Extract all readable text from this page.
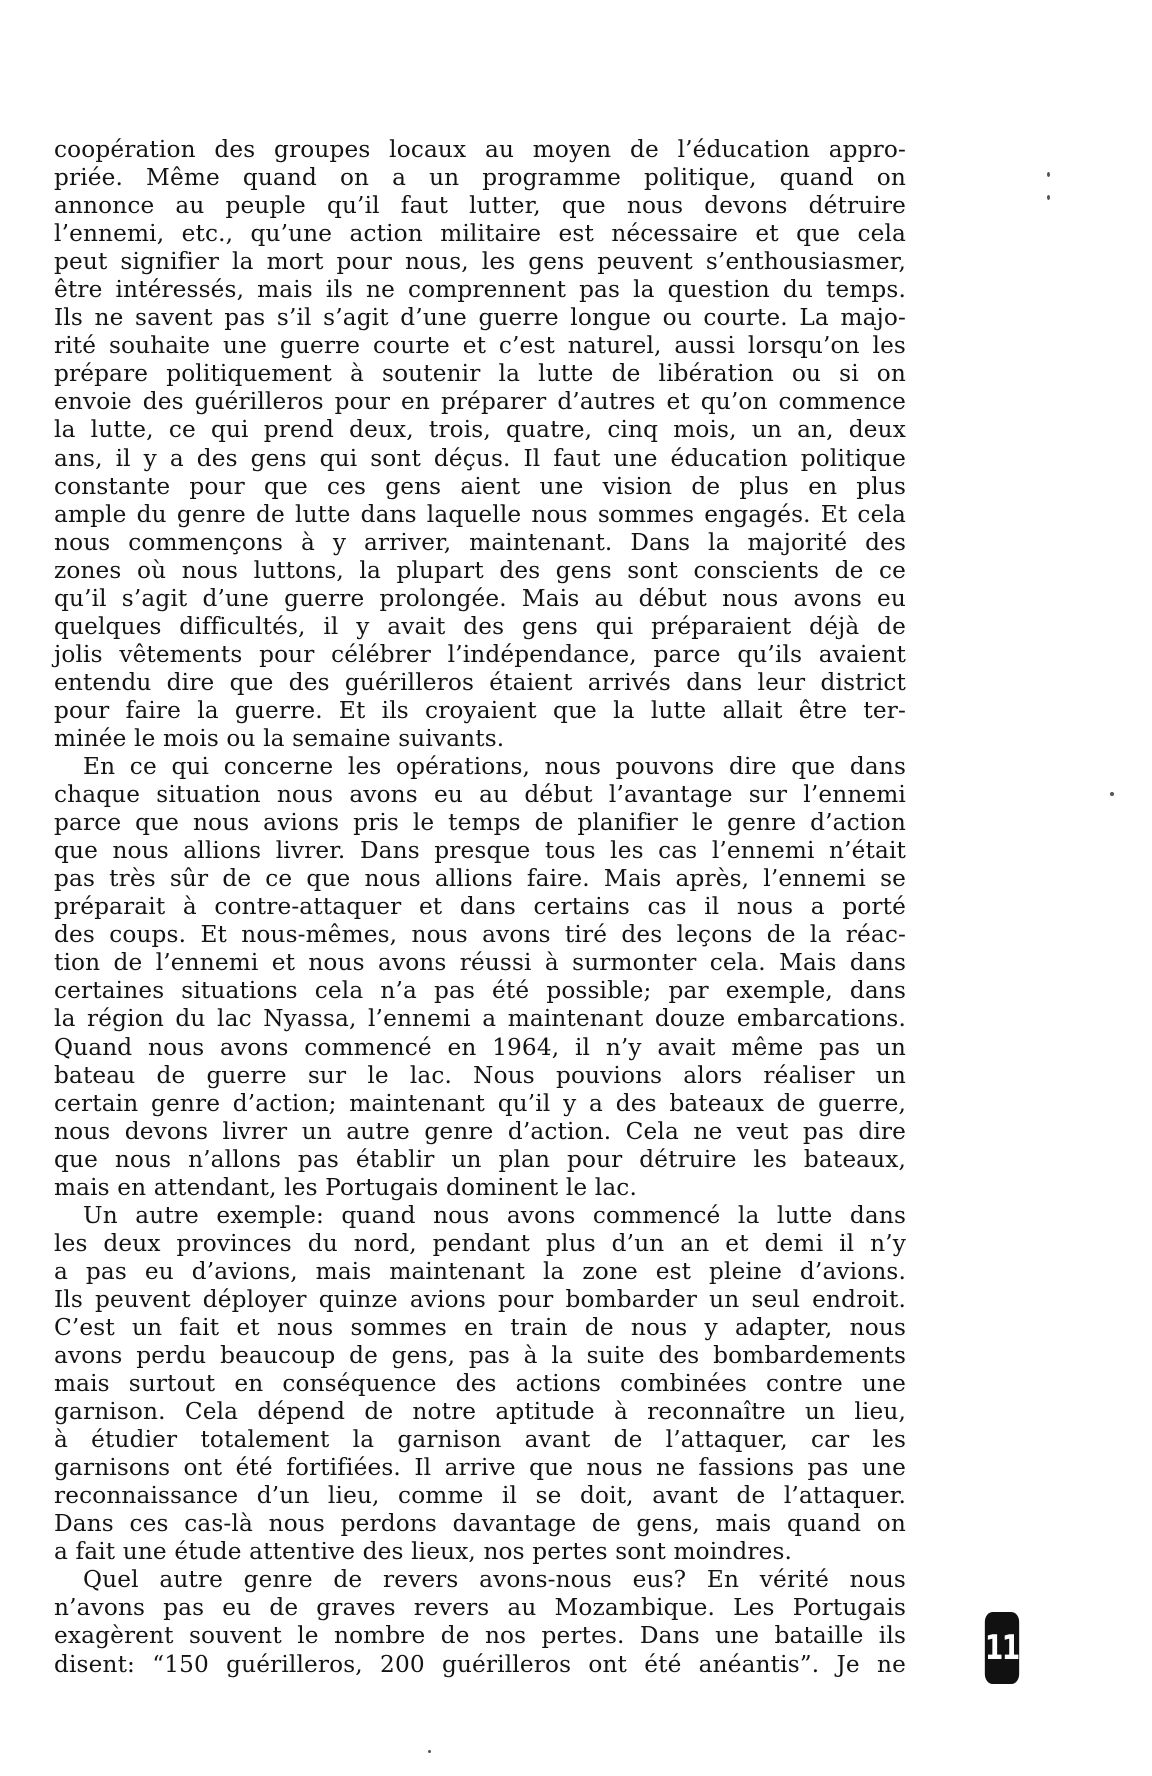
coopération des groupes locaux au moyen de l’éducation appro-
priée. Même quand on a un programme politique, quand on
annonce au peuple qu’il faut lutter, que nous devons détruire
l’ennemi, etc., qu’une action militaire est nécessaire et que cela
peut signifier la mort pour nous, les gens peuvent s’enthousiasmer,
être intéressés, mais ils ne comprennent pas la question du temps.
Ils ne savent pas s’il s’agit d’une guerre longue ou courte. La majo-
rité souhaite une guerre courte et c’est naturel, aussi lorsqu’on les
prépare politiquement à soutenir la lutte de libération ou si on
envoie des guérilleros pour en préparer d’autres et qu’on commence
la lutte, ce qui prend deux, trois, quatre, cinq mois, un an, deux
ans, il y a des gens qui sont déçus. Il faut une éducation politique
constante pour que ces gens aient une vision de plus en plus
ample du genre de lutte dans laquelle nous sommes engagés. Et cela
nous commençons à y arriver, maintenant. Dans la majorité des
zones où nous luttons, la plupart des gens sont conscients de ce
qu’il s’agit d’une guerre prolongée. Mais au début nous avons eu
quelques difficultés, il y avait des gens qui préparaient déjà de
jolis vêtements pour célébrer l’indépendance, parce qu’ils avaient
entendu dire que des guérilleros étaient arrivés dans leur district
pour faire la guerre. Et ils croyaient que la lutte allait être ter-
minée le mois ou la semaine suivants.
En ce qui concerne les opérations, nous pouvons dire que dans
chaque situation nous avons eu au début l’avantage sur l’ennemi
parce que nous avions pris le temps de planifier le genre d’action
que nous allions livrer. Dans presque tous les cas l’ennemi n’était
pas très sûr de ce que nous allions faire. Mais après, l’ennemi se
préparait à contre-attaquer et dans certains cas il nous a porté
des coups. Et nous-mêmes, nous avons tiré des leçons de la réac-
tion de l’ennemi et nous avons réussi à surmonter cela. Mais dans
certaines situations cela n’a pas été possible; par exemple, dans
la région du lac Nyassa, l’ennemi a maintenant douze embarcations.
Quand nous avons commencé en 1964, il n’y avait même pas un
bateau de guerre sur le lac. Nous pouvions alors réaliser un
certain genre d’action; maintenant qu’il y a des bateaux de guerre,
nous devons livrer un autre genre d’action. Cela ne veut pas dire
que nous n’allons pas établir un plan pour détruire les bateaux,
mais en attendant, les Portugais dominent le lac.
Un autre exemple: quand nous avons commencé la lutte dans
les deux provinces du nord, pendant plus d’un an et demi il n’y
a pas eu d’avions, mais maintenant la zone est pleine d’avions.
Ils peuvent déployer quinze avions pour bombarder un seul endroit.
C’est un fait et nous sommes en train de nous y adapter, nous
avons perdu beaucoup de gens, pas à la suite des bombardements
mais surtout en conséquence des actions combinées contre une
garnison. Cela dépend de notre aptitude à reconnaître un lieu,
à étudier totalement la garnison avant de l’attaquer, car les
garnisons ont été fortifiées. Il arrive que nous ne fassions pas une
reconnaissance d’un lieu, comme il se doit, avant de l’attaquer.
Dans ces cas-là nous perdons davantage de gens, mais quand on
a fait une étude attentive des lieux, nos pertes sont moindres.
Quel autre genre de revers avons-nous eus? En vérité nous
n’avons pas eu de graves revers au Mozambique. Les Portugais
exagèrent souvent le nombre de nos pertes. Dans une bataille ils
disent: “150 guérilleros, 200 guérilleros ont été anéantis”. Je ne 113
